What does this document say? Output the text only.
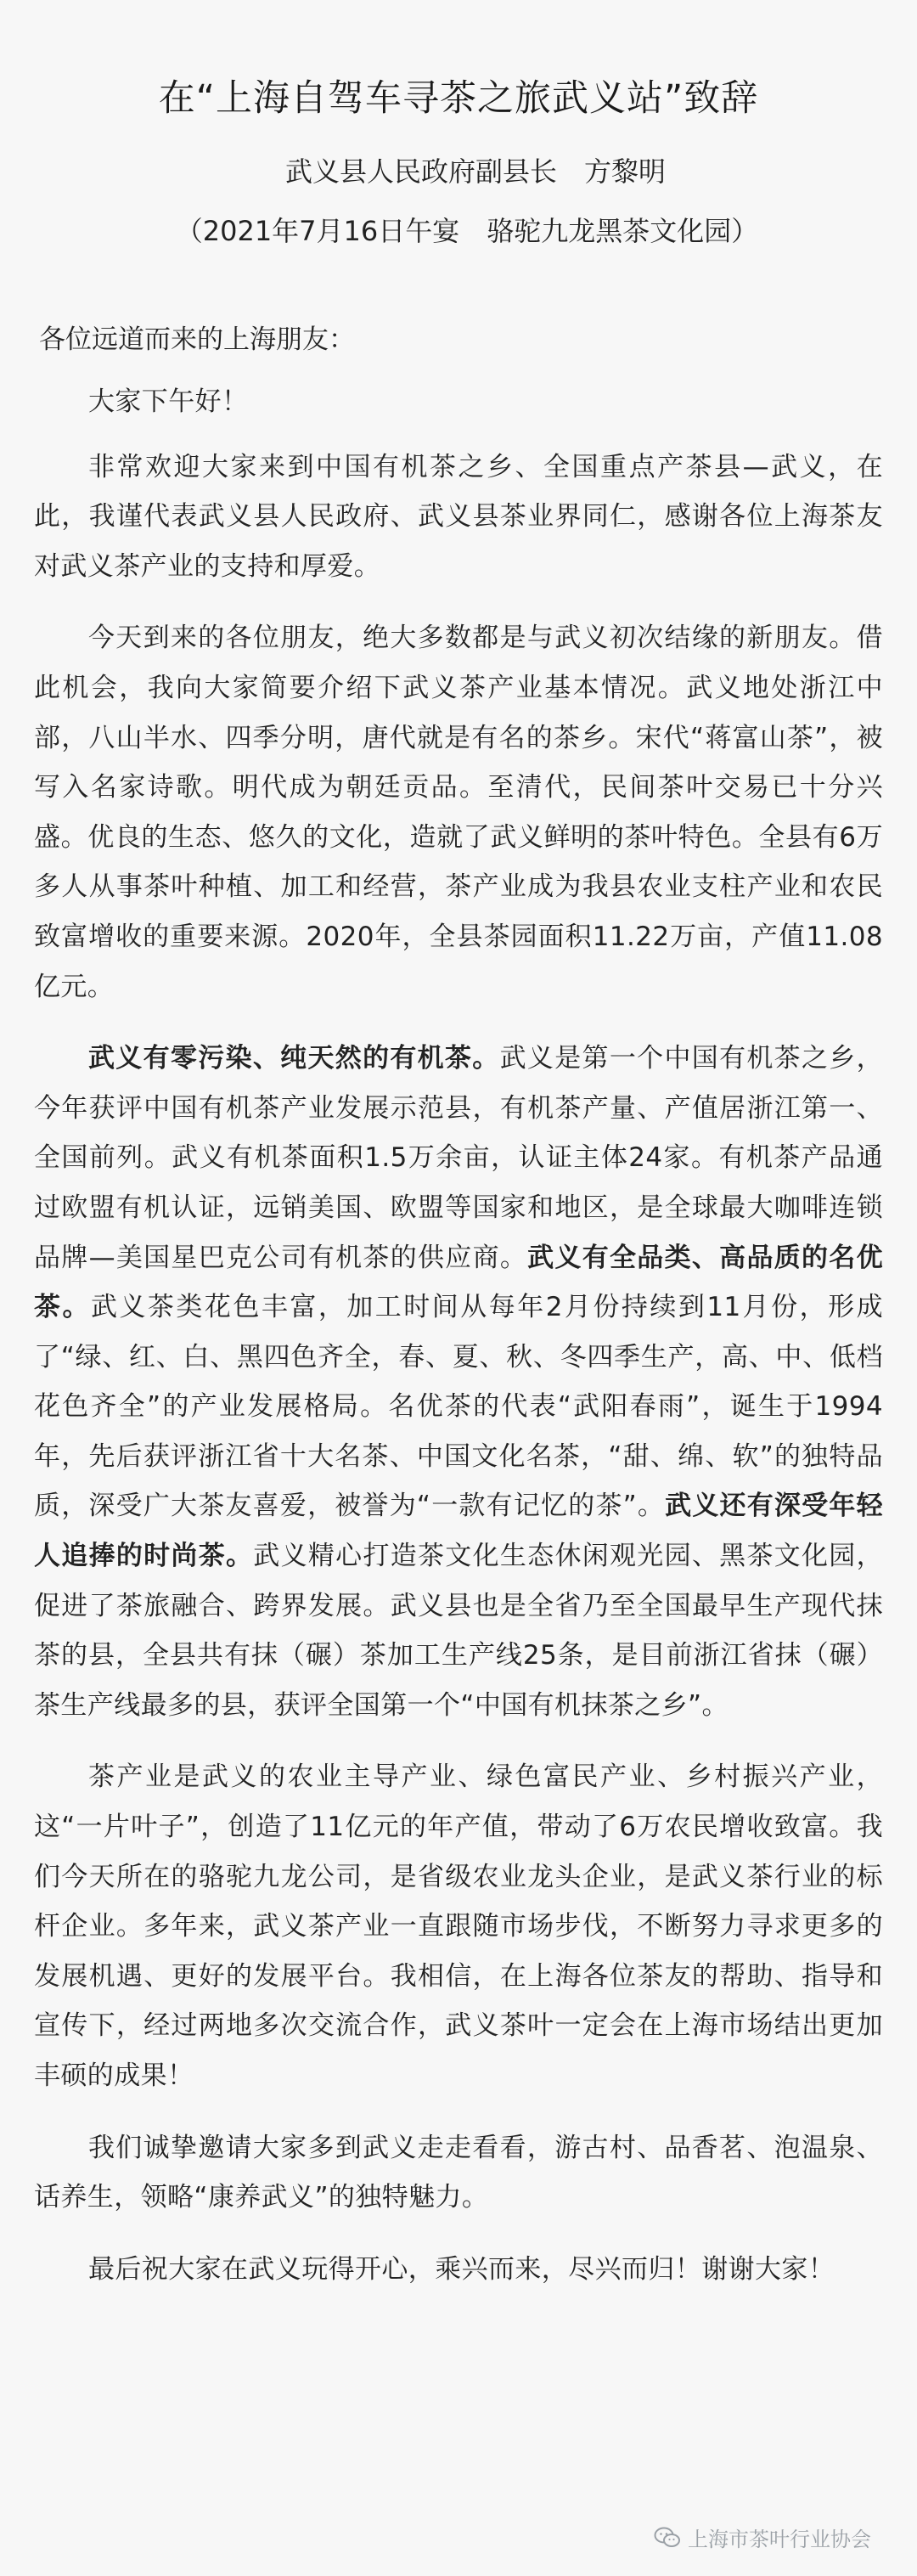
在“上海自驾车寻茶之旅武义站”致辞
武义县人民政府副县长　方黎明
（2021年7月16日午宴　骆驼九龙黑茶文化园）
各位远道而来的上海朋友：

大家下午好！

非常欢迎大家来到中国有机茶之乡、全国重点产茶县—武义，在此，我谨代表武义县人民政府、武义县茶业界同仁，感谢各位上海茶友对武义茶产业的支持和厚爱。

今天到来的各位朋友，绝大多数都是与武义初次结缘的新朋友。借此机会，我向大家简要介绍下武义茶产业基本情况。武义地处浙江中部，八山半水、四季分明，唐代就是有名的茶乡。宋代“蒋富山茶”，被写入名家诗歌。明代成为朝廷贡品。至清代，民间茶叶交易已十分兴盛。优良的生态、悠久的文化，造就了武义鲜明的茶叶特色。全县有6万多人从事茶叶种植、加工和经营，茶产业成为我县农业支柱产业和农民致富增收的重要来源。2020年，全县茶园面积11.22万亩，产值11.08亿元。

武义有零污染、纯天然的有机茶。武义是第一个中国有机茶之乡，今年获评中国有机茶产业发展示范县，有机茶产量、产值居浙江第一、全国前列。武义有机茶面积1.5万余亩，认证主体24家。有机茶产品通过欧盟有机认证，远销美国、欧盟等国家和地区，是全球最大咖啡连锁品牌—美国星巴克公司有机茶的供应商。武义有全品类、高品质的名优茶。武义茶类花色丰富，加工时间从每年2月份持续到11月份，形成了“绿、红、白、黑四色齐全，春、夏、秋、冬四季生产，高、中、低档花色齐全”的产业发展格局。名优茶的代表“武阳春雨”，诞生于1994年，先后获评浙江省十大名茶、中国文化名茶，“甜、绵、软”的独特品质，深受广大茶友喜爱，被誉为“一款有记忆的茶”。武义还有深受年轻人追捧的时尚茶。武义精心打造茶文化生态休闲观光园、黑茶文化园，促进了茶旅融合、跨界发展。武义县也是全省乃至全国最早生产现代抹茶的县，全县共有抹（碾）茶加工生产线25条，是目前浙江省抹（碾）茶生产线最多的县，获评全国第一个“中国有机抹茶之乡”。

茶产业是武义的农业主导产业、绿色富民产业、乡村振兴产业，这“一片叶子”，创造了11亿元的年产值，带动了6万农民增收致富。我们今天所在的骆驼九龙公司，是省级农业龙头企业，是武义茶行业的标杆企业。多年来，武义茶产业一直跟随市场步伐，不断努力寻求更多的发展机遇、更好的发展平台。我相信，在上海各位茶友的帮助、指导和宣传下，经过两地多次交流合作，武义茶叶一定会在上海市场结出更加丰硕的成果！

我们诚挚邀请大家多到武义走走看看，游古村、品香茗、泡温泉、话养生，领略“康养武义”的独特魅力。

最后祝大家在武义玩得开心，乘兴而来，尽兴而归！谢谢大家！

上海市茶叶行业协会
